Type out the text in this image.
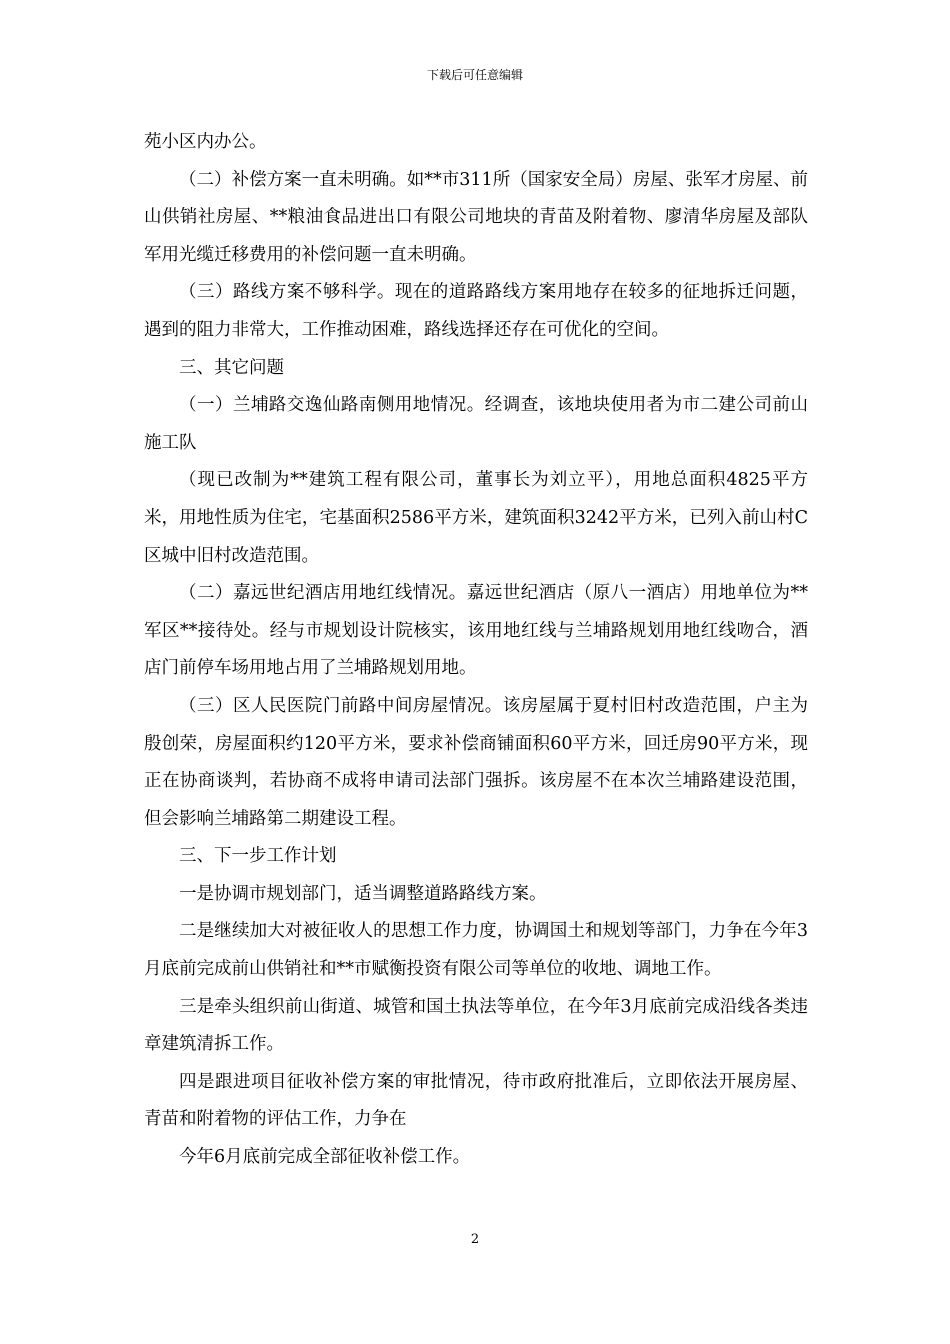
下载后可任意编辑

苑小区内办公。

（二）补偿方案一直未明确。如**市311所（国家安全局）房屋、张军才房屋、前山供销社房屋、**粮油食品进出口有限公司地块的青苗及附着物、廖清华房屋及部队军用光缆迁移费用的补偿问题一直未明确。

（三）路线方案不够科学。现在的道路路线方案用地存在较多的征地拆迁问题，遇到的阻力非常大，工作推动困难，路线选择还存在可优化的空间。

三、其它问题

（一）兰埔路交逸仙路南侧用地情况。经调查，该地块使用者为市二建公司前山施工队

（现已改制为**建筑工程有限公司，董事长为刘立平），用地总面积4825平方米，用地性质为住宅，宅基面积2586平方米，建筑面积3242平方米，已列入前山村C区城中旧村改造范围。

（二）嘉远世纪酒店用地红线情况。嘉远世纪酒店（原八一酒店）用地单位为**军区**接待处。经与市规划设计院核实，该用地红线与兰埔路规划用地红线吻合，酒店门前停车场用地占用了兰埔路规划用地。

（三）区人民医院门前路中间房屋情况。该房屋属于夏村旧村改造范围，户主为殷创荣，房屋面积约120平方米，要求补偿商铺面积60平方米，回迁房90平方米，现正在协商谈判，若协商不成将申请司法部门强拆。该房屋不在本次兰埔路建设范围，但会影响兰埔路第二期建设工程。

三、下一步工作计划

一是协调市规划部门，适当调整道路路线方案。

二是继续加大对被征收人的思想工作力度，协调国土和规划等部门，力争在今年3月底前完成前山供销社和**市赋衡投资有限公司等单位的收地、调地工作。

三是牵头组织前山街道、城管和国土执法等单位，在今年3月底前完成沿线各类违章建筑清拆工作。

四是跟进项目征收补偿方案的审批情况，待市政府批准后，立即依法开展房屋、青苗和附着物的评估工作，力争在

今年6月底前完成全部征收补偿工作。

2
